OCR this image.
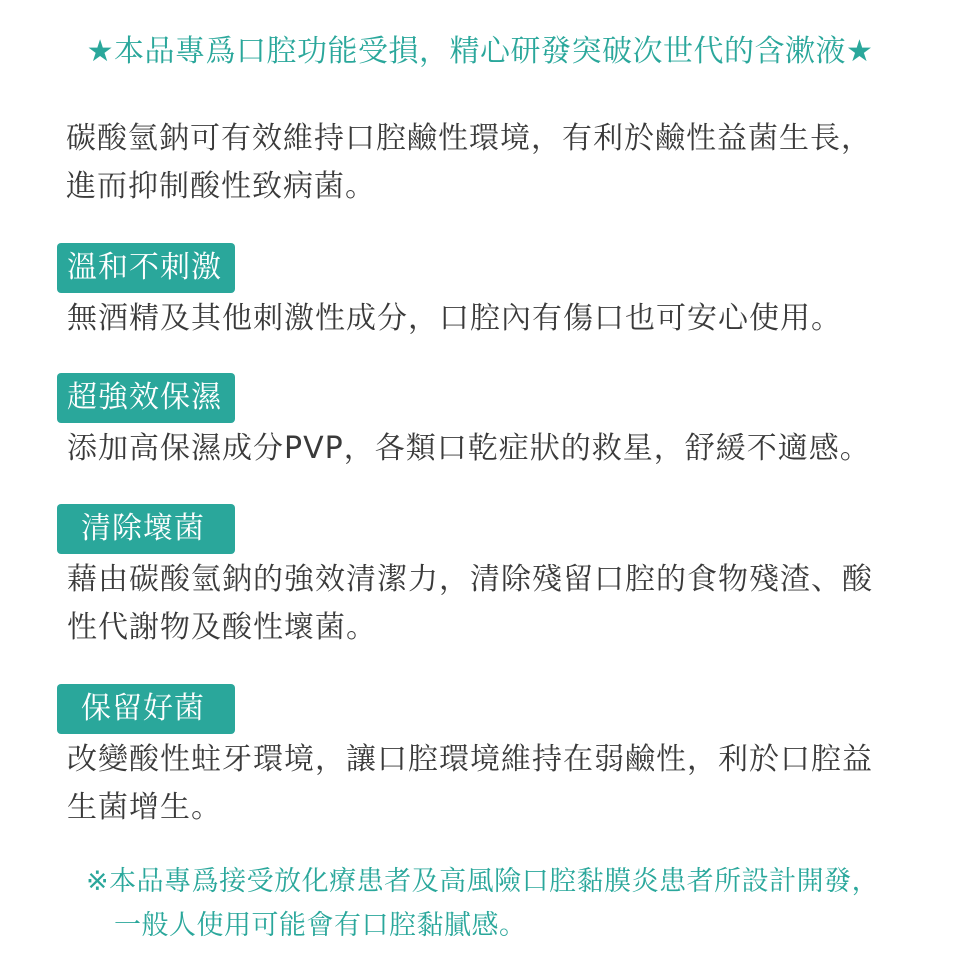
★本品專爲口腔功能受損，精心研發突破次世代的含漱液★
碳酸氫鈉可有效維持口腔鹼性環境，有利於鹼性益菌生長，
進而抑制酸性致病菌。
溫和不刺激
無酒精及其他刺激性成分，口腔內有傷口也可安心使用。
超強效保濕
添加高保濕成分PVP，各類口乾症狀的救星，舒緩不適感。
清除壞菌
藉由碳酸氫鈉的強效清潔力，清除殘留口腔的食物殘渣、酸
性代謝物及酸性壞菌。
保留好菌
改變酸性蛀牙環境，讓口腔環境維持在弱鹼性，利於口腔益
生菌增生。
※本品專爲接受放化療患者及高風險口腔黏膜炎患者所設計開發，
一般人使用可能會有口腔黏膩感。
